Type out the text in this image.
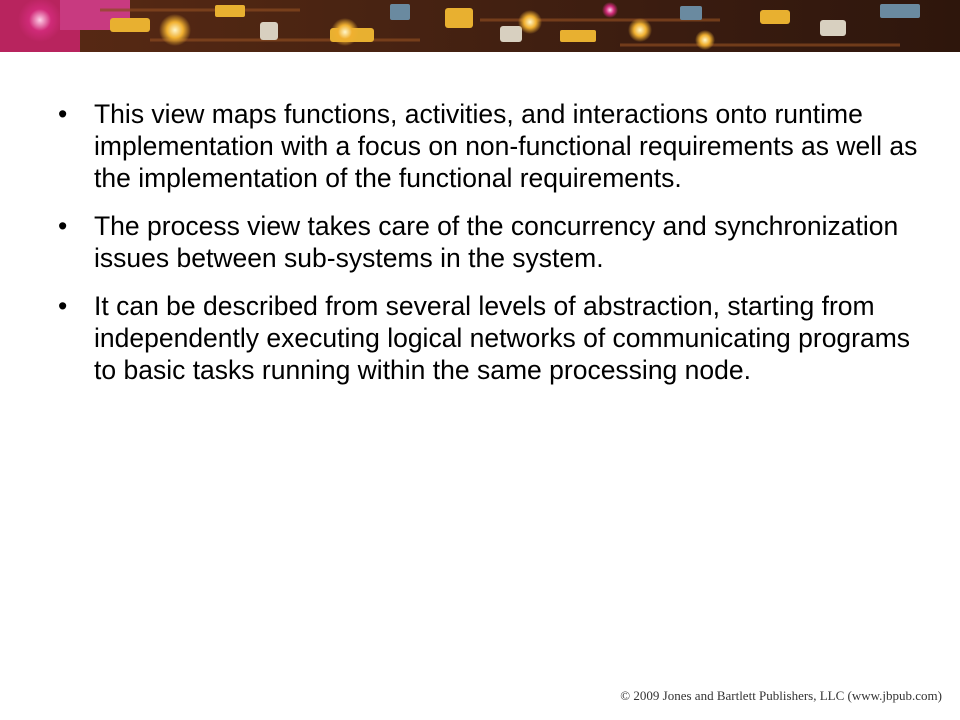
•	This view maps functions, activities, and interactions onto runtime implementation with a focus on non-functional requirements as well as the implementation of the functional requirements.
•	The process view takes care of the concurrency and synchronization issues between sub-systems in the system.
•	It can be described from several levels of abstraction, starting from independently executing logical networks of communicating programs to basic tasks running within the same processing node.
© 2009 Jones and Bartlett Publishers, LLC (www.jbpub.com)
